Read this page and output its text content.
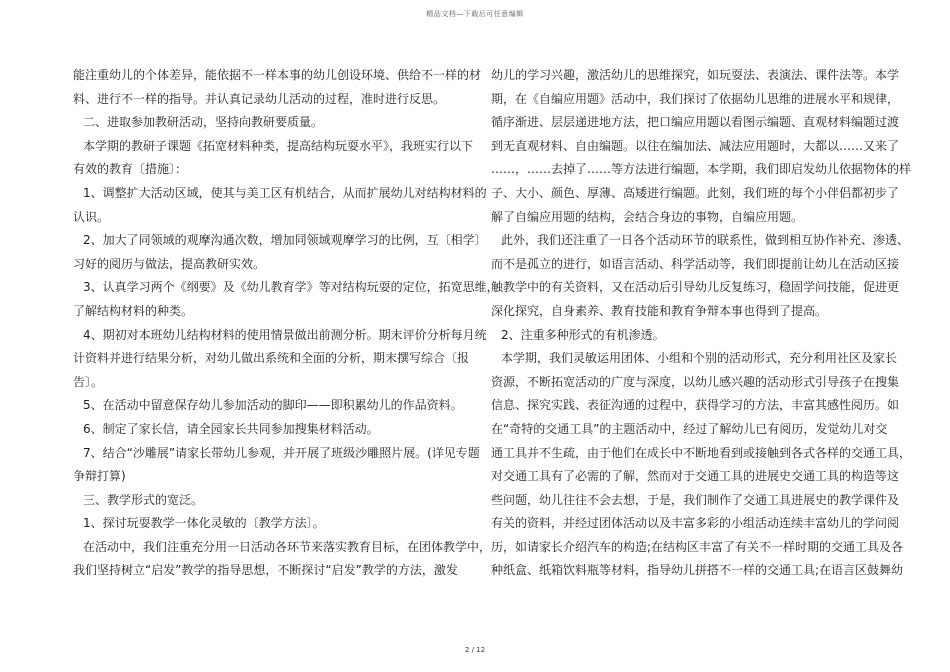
精品文档—下载后可任意编辑

能注重幼儿的个体差异，能依据不一样本事的幼儿创设环境、供给不一样的材

料、进行不一样的指导。并认真记录幼儿活动的过程，准时进行反思。

二、进取参加教研活动，坚持向教研要质量。

本学期的教研子课题《拓宽材料种类，提高结构玩耍水平》，我班实行以下

有效的教育〔措施〕：

1、调整扩大活动区域，使其与美工区有机结合，从而扩展幼儿对结构材料的

认识。

2、加大了同领域的观摩沟通次数，增加同领域观摩学习的比例，互〔相学〕

习好的阅历与做法，提高教研实效。

3、认真学习两个《纲要》及《幼儿教育学》等对结构玩耍的定位，拓宽思维，

了解结构材料的种类。

4、期初对本班幼儿结构材料的使用情景做出前测分析。期末评价分析每月统

计资料并进行结果分析，对幼儿做出系统和全面的分析，期末撰写综合〔报

告〕。

5、在活动中留意保存幼儿参加活动的脚印——即积累幼儿的作品资料。

6、制定了家长信，请全园家长共同参加搜集材料活动。

7、结合“沙雕展”请家长带幼儿参观，并开展了班级沙雕照片展。(详见专题

争辩打算)

三、教学形式的宽泛。

1、探讨玩耍教学一体化灵敏的〔教学方法〕。

在活动中，我们注重充分用一日活动各环节来落实教育目标，在团体教学中，

我们坚持树立“启发”教学的指导思想，不断探讨“启发”教学的方法，激发

幼儿的学习兴趣，激活幼儿的思维探究，如玩耍法、表演法、课件法等。本学

期，在《自编应用题》活动中，我们探讨了依据幼儿思维的进展水平和规律，

循序渐进、层层递进地方法，把口编应用题以看图示编题、直观材料编题过渡

到无直观材料、自由编题。以往在编加法、减法应用题时，大都以……又来了

……，……去掉了……等方法进行编题，本学期，我们即启发幼儿依据物体的样

子、大小、颜色、厚薄、高矮进行编题。此刻，我们班的每个小伴侣都初步了

解了自编应用题的结构，会结合身边的事物，自编应用题。

此外，我们还注重了一日各个活动环节的联系性，做到相互协作补充、渗透、

而不是孤立的进行，如语言活动、科学活动等，我们即提前让幼儿在活动区接

触教学中的有关资料，又在活动后引导幼儿反复练习，稳固学问技能，促进更

深化探究，自身素养、教育技能和教育争辩本事也得到了提高。

2、注重多种形式的有机渗透。

本学期，我们灵敏运用团体、小组和个别的活动形式，充分利用社区及家长

资源，不断拓宽活动的广度与深度，以幼儿感兴趣的活动形式引导孩子在搜集

信息、探究实践、表征沟通的过程中，获得学习的方法，丰富其感性阅历。如

在“奇特的交通工具”的主题活动中，经过了解幼儿已有阅历，发觉幼儿对交

通工具并不生疏，由于他们在成长中不断地看到或接触到各式各样的交通工具，

对交通工具有了必需的了解，然而对于交通工具的进展史交通工具的构造等这

些问题，幼儿往往不会去想，于是，我们制作了交通工具进展史的教学课件及

有关的资料，并经过团体活动以及丰富多彩的小组活动连续丰富幼儿的学问阅

历，如请家长介绍汽车的构造;在结构区丰富了有关不一样时期的交通工具及各

种纸盒、纸箱饮料瓶等材料，指导幼儿拼搭不一样的交通工具;在语言区鼓舞幼

2 / 12
